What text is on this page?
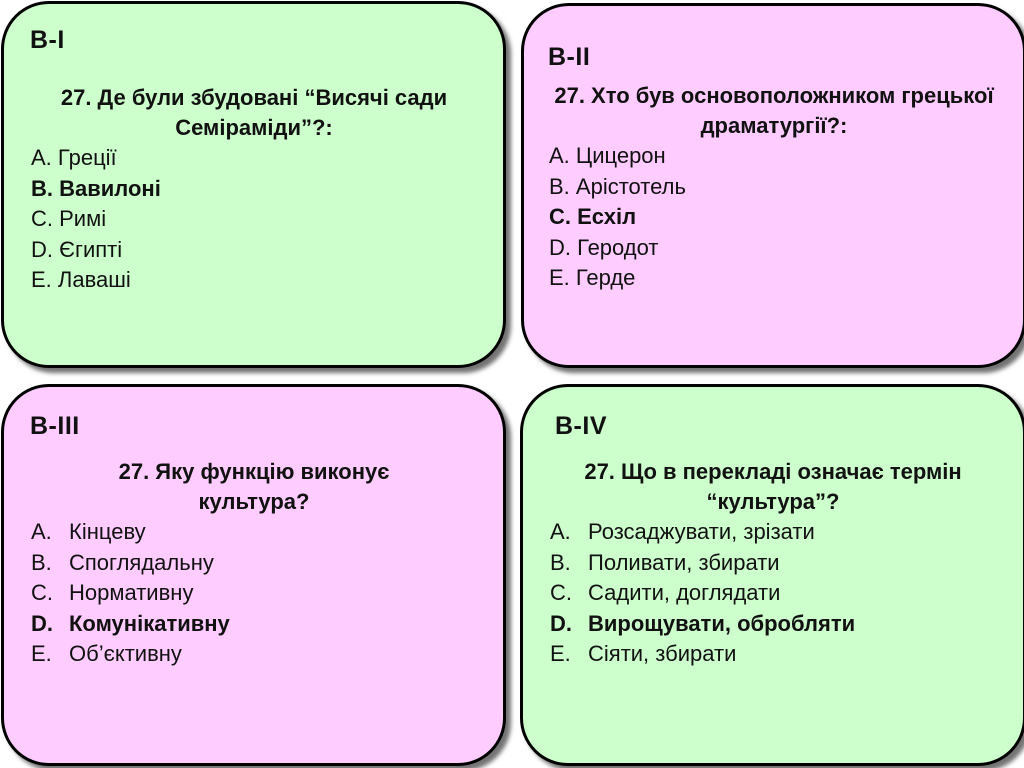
В-І

27. Де були збудовані “Висячі сади Семіраміди”?:

А. Греції
В. Вавилоні
С. Римі
D. Єгипті
Е. Лаваші
В-ІІ

27. Хто був основоположником грецької драматургії?:

А. Цицерон
В. Арістотель
С. Есхіл
D. Геродот
Е. Герде
В-ІІІ

27. Яку функцію виконує культура?

А. Кінцеву
В. Споглядальну
С. Нормативну
D. Комунікативну
Е. Об’єктивну
В-ІV

27. Що в перекладі означає термін “культура”?

А. Розсаджувати, зрізати
В. Поливати, збирати
С. Садити, доглядати
D. Вирощувати, обробляти
Е. Сіяти, збирати
